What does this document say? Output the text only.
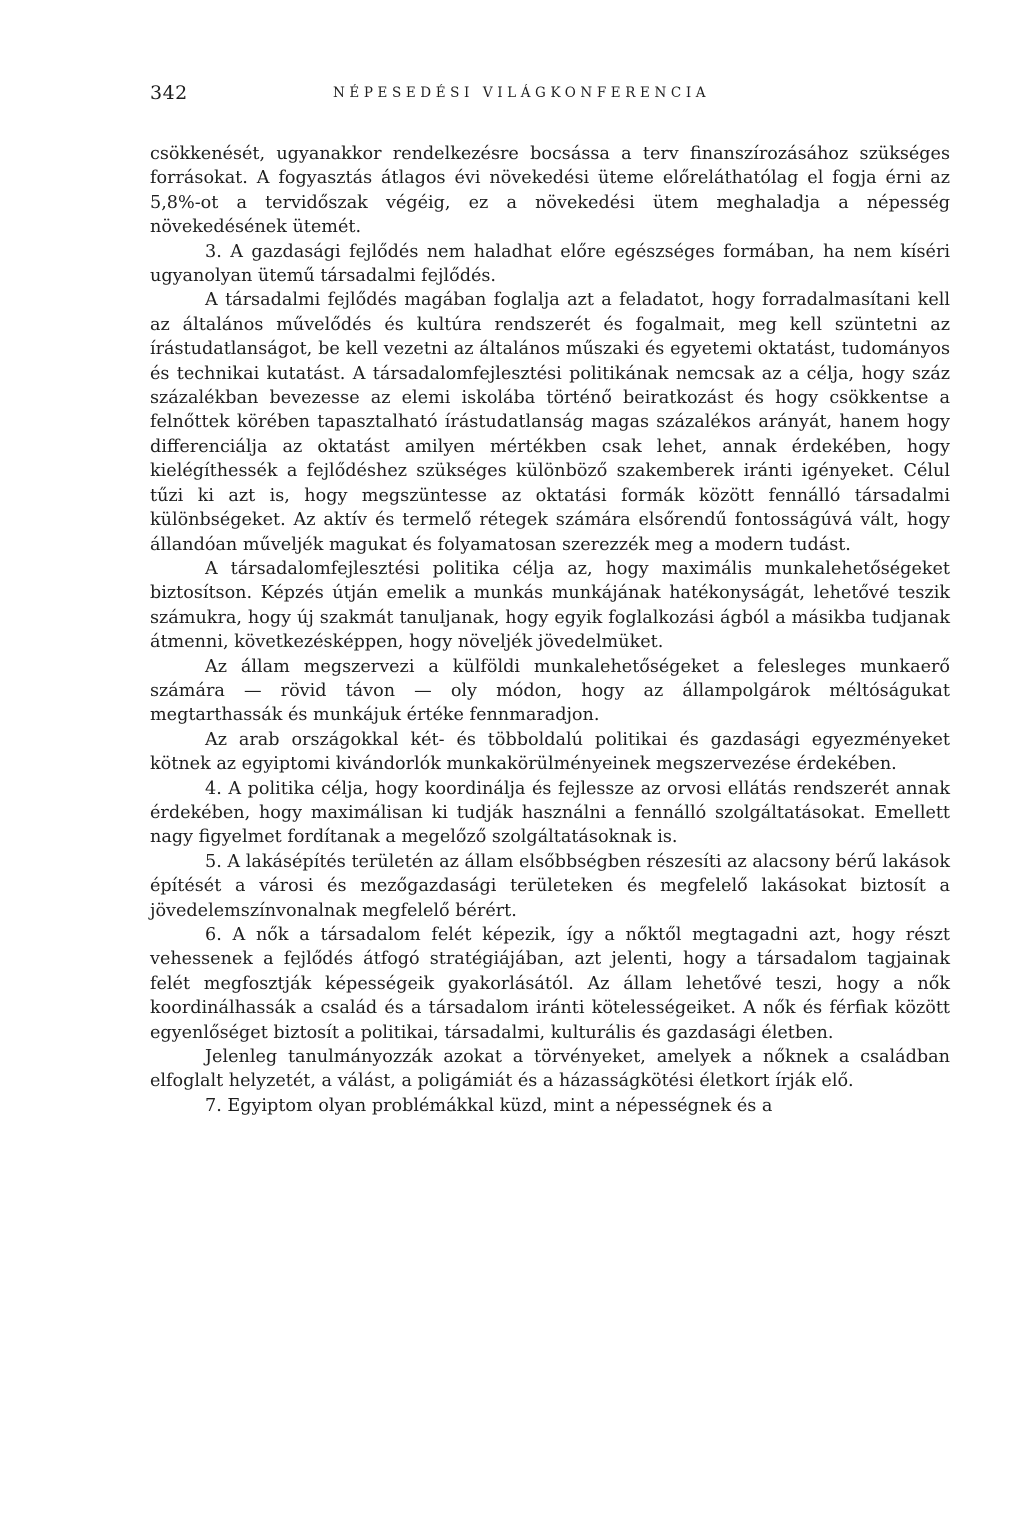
342	NÉPESEDÉSI VILÁGKONFERENCIA

csökkenését, ugyanakkor rendelkezésre bocsássa a terv finanszírozásához szükséges forrásokat. A fogyasztás átlagos évi növekedési üteme előreláthatólag el fogja érni az 5,8%-ot a tervidőszak végéig, ez a növekedési ütem meghaladja a népesség növekedésének ütemét.

3. A gazdasági fejlődés nem haladhat előre egészséges formában, ha nem kíséri ugyanolyan ütemű társadalmi fejlődés.

A társadalmi fejlődés magában foglalja azt a feladatot, hogy forradalmasítani kell az általános művelődés és kultúra rendszerét és fogalmait, meg kell szüntetni az írástudatlanságot, be kell vezetni az általános műszaki és egyetemi oktatást, tudományos és technikai kutatást. A társadalomfejlesztési politikának nemcsak az a célja, hogy száz százalékban bevezesse az elemi iskolába történő beiratkozást és hogy csökkentse a felnőttek körében tapasztalható írástudatlanság magas százalékos arányát, hanem hogy differenciálja az oktatást amilyen mértékben csak lehet, annak érdekében, hogy kielégíthessék a fejlődéshez szükséges különböző szakemberek iránti igényeket. Célul tűzi ki azt is, hogy megszüntesse az oktatási formák között fennálló társadalmi különbségeket. Az aktív és termelő rétegek számára elsőrendű fontosságúvá vált, hogy állandóan műveljék magukat és folyamatosan szerezzék meg a modern tudást.

A társadalomfejlesztési politika célja az, hogy maximális munkalehetőségeket biztosítson. Képzés útján emelik a munkás munkájának hatékonyságát, lehetővé teszik számukra, hogy új szakmát tanuljanak, hogy egyik foglalkozási ágból a másikba tudjanak átmenni, következésképpen, hogy növeljék jövedelmüket.

Az állam megszervezi a külföldi munkalehetőségeket a felesleges munkaerő számára — rövid távon — oly módon, hogy az állampolgárok méltóságukat megtarthassák és munkájuk értéke fennmaradjon.

Az arab országokkal két- és többoldalú politikai és gazdasági egyezményeket kötnek az egyiptomi kivándorlók munkakörülményeinek megszervezése érdekében.

4. A politika célja, hogy koordinálja és fejlessze az orvosi ellátás rendszerét annak érdekében, hogy maximálisan ki tudják használni a fennálló szolgáltatásokat. Emellett nagy figyelmet fordítanak a megelőző szolgáltatásoknak is.

5. A lakásépítés területén az állam elsőbbségben részesíti az alacsony bérű lakások építését a városi és mezőgazdasági területeken és megfelelő lakásokat biztosít a jövedelemszínvonalnak megfelelő bérért.

6. A nők a társadalom felét képezik, így a nőktől megtagadni azt, hogy részt vehessenek a fejlődés átfogó stratégiájában, azt jelenti, hogy a társadalom tagjainak felét megfosztják képességeik gyakorlásától. Az állam lehetővé teszi, hogy a nők koordinálhassák a család és a társadalom iránti kötelességeiket. A nők és férfiak között egyenlőséget biztosít a politikai, társadalmi, kulturális és gazdasági életben.

Jelenleg tanulmányozzák azokat a törvényeket, amelyek a nőknek a családban elfoglalt helyzetét, a válást, a poligámiát és a házasságkötési életkort írják elő.

7. Egyiptom olyan problémákkal küzd, mint a népességnek és a
